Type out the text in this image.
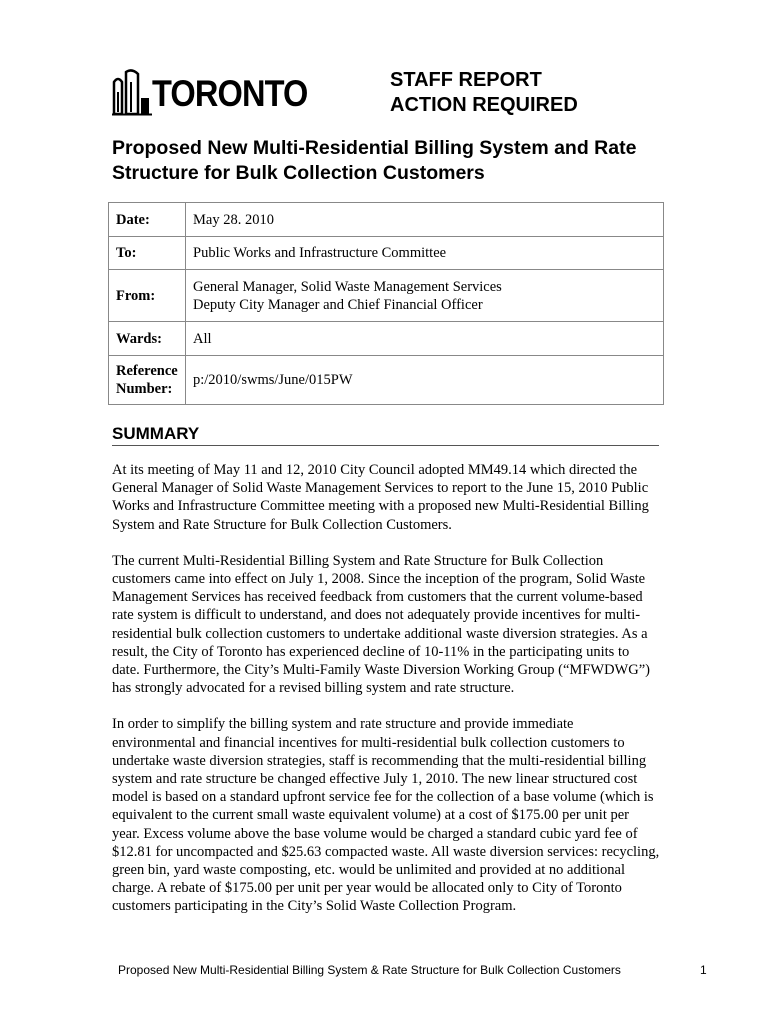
TORONTO	STAFF REPORT
ACTION REQUIRED
Proposed New Multi-Residential Billing System and Rate Structure for Bulk Collection Customers
Date:	May 28. 2010
To:	Public Works and Infrastructure Committee
From:	General Manager, Solid Waste Management Services
Deputy City Manager and Chief Financial Officer

Wards:	All

Reference
Number:	p:/2010/swms/June/015PW
SUMMARY

At its meeting of May 11 and 12, 2010 City Council adopted MM49.14 which directed the General Manager of Solid Waste Management Services to report to the June 15, 2010 Public Works and Infrastructure Committee meeting with a proposed new Multi-Residential Billing System and Rate Structure for Bulk Collection Customers.

The current Multi-Residential Billing System and Rate Structure for Bulk Collection customers came into effect on July 1, 2008. Since the inception of the program, Solid Waste Management Services has received feedback from customers that the current volume-based rate system is difficult to understand, and does not adequately provide incentives for multi-residential bulk collection customers to undertake additional waste diversion strategies. As a result, the City of Toronto has experienced decline of 10-11% in the participating units to date. Furthermore, the City’s Multi-Family Waste Diversion Working Group (“MFWDWG”) has strongly advocated for a revised billing system and rate structure.

In order to simplify the billing system and rate structure and provide immediate environmental and financial incentives for multi-residential bulk collection customers to undertake waste diversion strategies, staff is recommending that the multi-residential billing system and rate structure be changed effective July 1, 2010. The new linear structured cost model is based on a standard upfront service fee for the collection of a base volume (which is equivalent to the current small waste equivalent volume) at a cost of $175.00 per unit per year. Excess volume above the base volume would be charged a standard cubic yard fee of $12.81 for uncompacted and $25.63 compacted waste. All waste diversion services: recycling, green bin, yard waste composting, etc. would be unlimited and provided at no additional charge. A rebate of $175.00 per unit per year would be allocated only to City of Toronto customers participating in the City’s Solid Waste Collection Program.

Proposed New Multi-Residential Billing System & Rate Structure for Bulk Collection Customers	1
